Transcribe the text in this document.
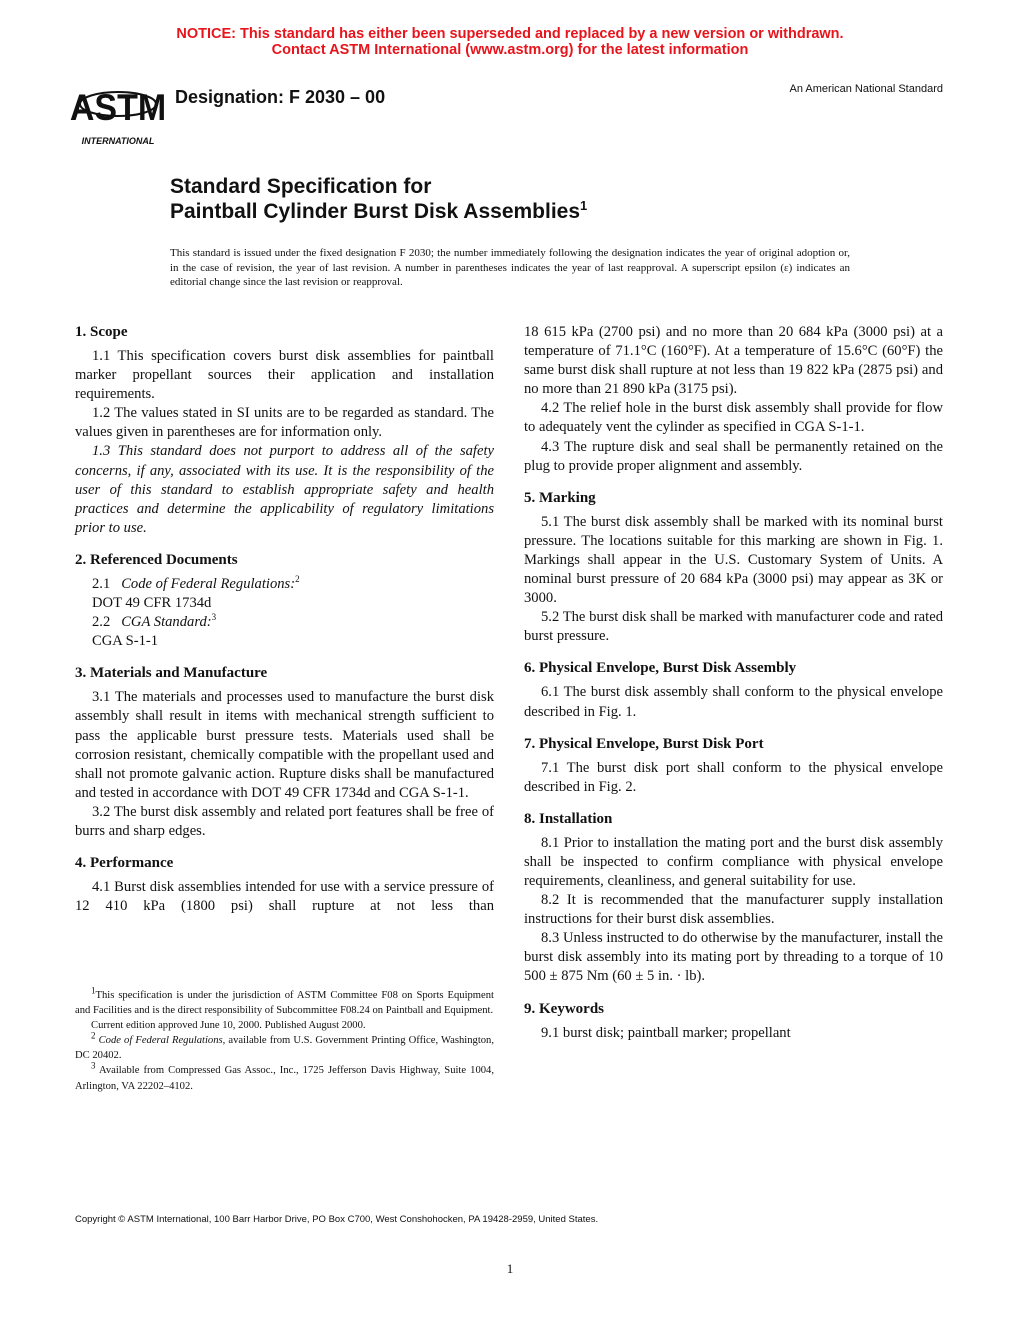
NOTICE: This standard has either been superseded and replaced by a new version or withdrawn.
Contact ASTM International (www.astm.org) for the latest information
ASTM
INTERNATIONAL
Designation: F 2030 – 00	An American National Standard
Standard Specification for
Paintball Cylinder Burst Disk Assemblies$^1$
This standard is issued under the fixed designation F 2030; the number immediately following the designation indicates the year of original adoption or, in the case of revision, the year of last revision. A number in parentheses indicates the year of last reapproval. A superscript epsilon (ε) indicates an editorial change since the last revision or reapproval.
1. Scope

1.1 This specification covers burst disk assemblies for paintball marker propellant sources their application and installation requirements.

1.2 The values stated in SI units are to be regarded as standard. The values given in parentheses are for information only.

1.3 This standard does not purport to address all of the safety concerns, if any, associated with its use. It is the responsibility of the user of this standard to establish appropriate safety and health practices and determine the applicability of regulatory limitations prior to use.

2. Referenced Documents

2.1 Code of Federal Regulations:$^2$

DOT 49 CFR 1734d

2.2 CGA Standard:$^3$

CGA S-1-1

3. Materials and Manufacture

3.1 The materials and processes used to manufacture the burst disk assembly shall result in items with mechanical strength sufficient to pass the applicable burst pressure tests. Materials used shall be corrosion resistant, chemically compatible with the propellant used and shall not promote galvanic action. Rupture disks shall be manufactured and tested in accordance with DOT 49 CFR 1734d and CGA S-1-1.

3.2 The burst disk assembly and related port features shall be free of burrs and sharp edges.

4. Performance

4.1 Burst disk assemblies intended for use with a service pressure of 12 410 kPa (1800 psi) shall rupture at not less than

18 615 kPa (2700 psi) and no more than 20 684 kPa (3000 psi) at a temperature of 71.1°C (160°F). At a temperature of 15.6°C (60°F) the same burst disk shall rupture at not less than 19 822 kPa (2875 psi) and no more than 21 890 kPa (3175 psi).

4.2 The relief hole in the burst disk assembly shall provide for flow to adequately vent the cylinder as specified in CGA S-1-1.

4.3 The rupture disk and seal shall be permanently retained on the plug to provide proper alignment and assembly.

5. Marking

5.1 The burst disk assembly shall be marked with its nominal burst pressure. The locations suitable for this marking are shown in Fig. 1. Markings shall appear in the U.S. Customary System of Units. A nominal burst pressure of 20 684 kPa (3000 psi) may appear as 3K or 3000.

5.2 The burst disk shall be marked with manufacturer code and rated burst pressure.

6. Physical Envelope, Burst Disk Assembly

6.1 The burst disk assembly shall conform to the physical envelope described in Fig. 1.

7. Physical Envelope, Burst Disk Port

7.1 The burst disk port shall conform to the physical envelope described in Fig. 2.

8. Installation

8.1 Prior to installation the mating port and the burst disk assembly shall be inspected to confirm compliance with physical envelope requirements, cleanliness, and general suitability for use.

8.2 It is recommended that the manufacturer supply installation instructions for their burst disk assemblies.

8.3 Unless instructed to do otherwise by the manufacturer, install the burst disk assembly into its mating port by threading to a torque of 10 500 ± 875 Nm (60 ± 5 in. · lb).

9. Keywords

9.1 burst disk; paintball marker; propellant

$^1$This specification is under the jurisdiction of ASTM Committee F08 on Sports Equipment and Facilities and is the direct responsibility of Subcommittee F08.24 on Paintball and Equipment.

Current edition approved June 10, 2000. Published August 2000.

$^2$ Code of Federal Regulations, available from U.S. Government Printing Office, Washington, DC 20402.

$^3$ Available from Compressed Gas Assoc., Inc., 1725 Jefferson Davis Highway, Suite 1004, Arlington, VA 22202–4102.

Copyright © ASTM International, 100 Barr Harbor Drive, PO Box C700, West Conshohocken, PA 19428-2959, United States.
1
